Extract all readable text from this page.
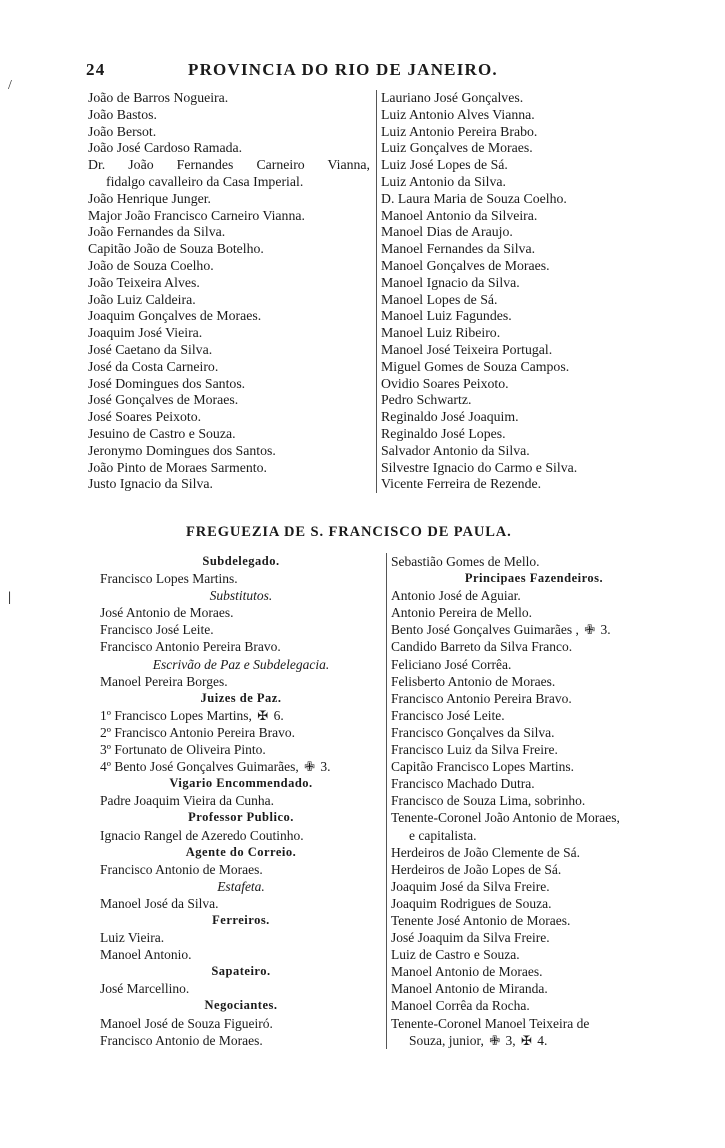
/
|
24	PROVINCIA DO RIO DE JANEIRO.
João de Barros Nogueira.
João Bastos.
João Bersot.
João José Cardoso Ramada.
Dr. João Fernandes Carneiro Vianna,
fidalgo cavalleiro da Casa Imperial.
João Henrique Junger.
Major João Francisco Carneiro Vianna.
João Fernandes da Silva.
Capitão João de Souza Botelho.
João de Souza Coelho.
João Teixeira Alves.
João Luiz Caldeira.
Joaquim Gonçalves de Moraes.
Joaquim José Vieira.
José Caetano da Silva.
José da Costa Carneiro.
José Domingues dos Santos.
José Gonçalves de Moraes.
José Soares Peixoto.
Jesuino de Castro e Souza.
Jeronymo Domingues dos Santos.
João Pinto de Moraes Sarmento.
Justo Ignacio da Silva.
Lauriano José Gonçalves.
Luiz Antonio Alves Vianna.
Luiz Antonio Pereira Brabo.
Luiz Gonçalves de Moraes.
Luiz José Lopes de Sá.
Luiz Antonio da Silva.
D. Laura Maria de Souza Coelho.
Manoel Antonio da Silveira.
Manoel Dias de Araujo.
Manoel Fernandes da Silva.
Manoel Gonçalves de Moraes.
Manoel Ignacio da Silva.
Manoel Lopes de Sá.
Manoel Luiz Fagundes.
Manoel Luiz Ribeiro.
Manoel José Teixeira Portugal.
Miguel Gomes de Souza Campos.
Ovidio Soares Peixoto.
Pedro Schwartz.
Reginaldo José Joaquim.
Reginaldo José Lopes.
Salvador Antonio da Silva.
Silvestre Ignacio do Carmo e Silva.
Vicente Ferreira de Rezende.
FREGUEZIA DE S. FRANCISCO DE PAULA.
Subdelegado.
Francisco Lopes Martins.
Substitutos.
José Antonio de Moraes.
Francisco José Leite.
Francisco Antonio Pereira Bravo.
Escrivão de Paz e Subdelegacia.
Manoel Pereira Borges.
Juizes de Paz.
1º Francisco Lopes Martins, ✠ 6.
2º Francisco Antonio Pereira Bravo.
3º Fortunato de Oliveira Pinto.
4º Bento José Gonçalves Guimarães, ✙ 3.
Vigario Encommendado.
Padre Joaquim Vieira da Cunha.
Professor Publico.
Ignacio Rangel de Azeredo Coutinho.
Agente do Correio.
Francisco Antonio de Moraes.
Estafeta.
Manoel José da Silva.
Ferreiros.
Luiz Vieira.
Manoel Antonio.
Sapateiro.
José Marcellino.
Negociantes.
Manoel José de Souza Figueiró.
Francisco Antonio de Moraes.
Sebastião Gomes de Mello.
Principaes Fazendeiros.
Antonio José de Aguiar.
Antonio Pereira de Mello.
Bento José Gonçalves Guimarães , ✙ 3.
Candido Barreto da Silva Franco.
Feliciano José Corrêa.
Felisberto Antonio de Moraes.
Francisco Antonio Pereira Bravo.
Francisco José Leite.
Francisco Gonçalves da Silva.
Francisco Luiz da Silva Freire.
Capitão Francisco Lopes Martins.
Francisco Machado Dutra.
Francisco de Souza Lima, sobrinho.
Tenente-Coronel João Antonio de Moraes,
e capitalista.
Herdeiros de João Clemente de Sá.
Herdeiros de João Lopes de Sá.
Joaquim José da Silva Freire.
Joaquim Rodrigues de Souza.
Tenente José Antonio de Moraes.
José Joaquim da Silva Freire.
Luiz de Castro e Souza.
Manoel Antonio de Moraes.
Manoel Antonio de Miranda.
Manoel Corrêa da Rocha.
Tenente-Coronel Manoel Teixeira de
Souza, junior, ✙ 3, ✠ 4.
